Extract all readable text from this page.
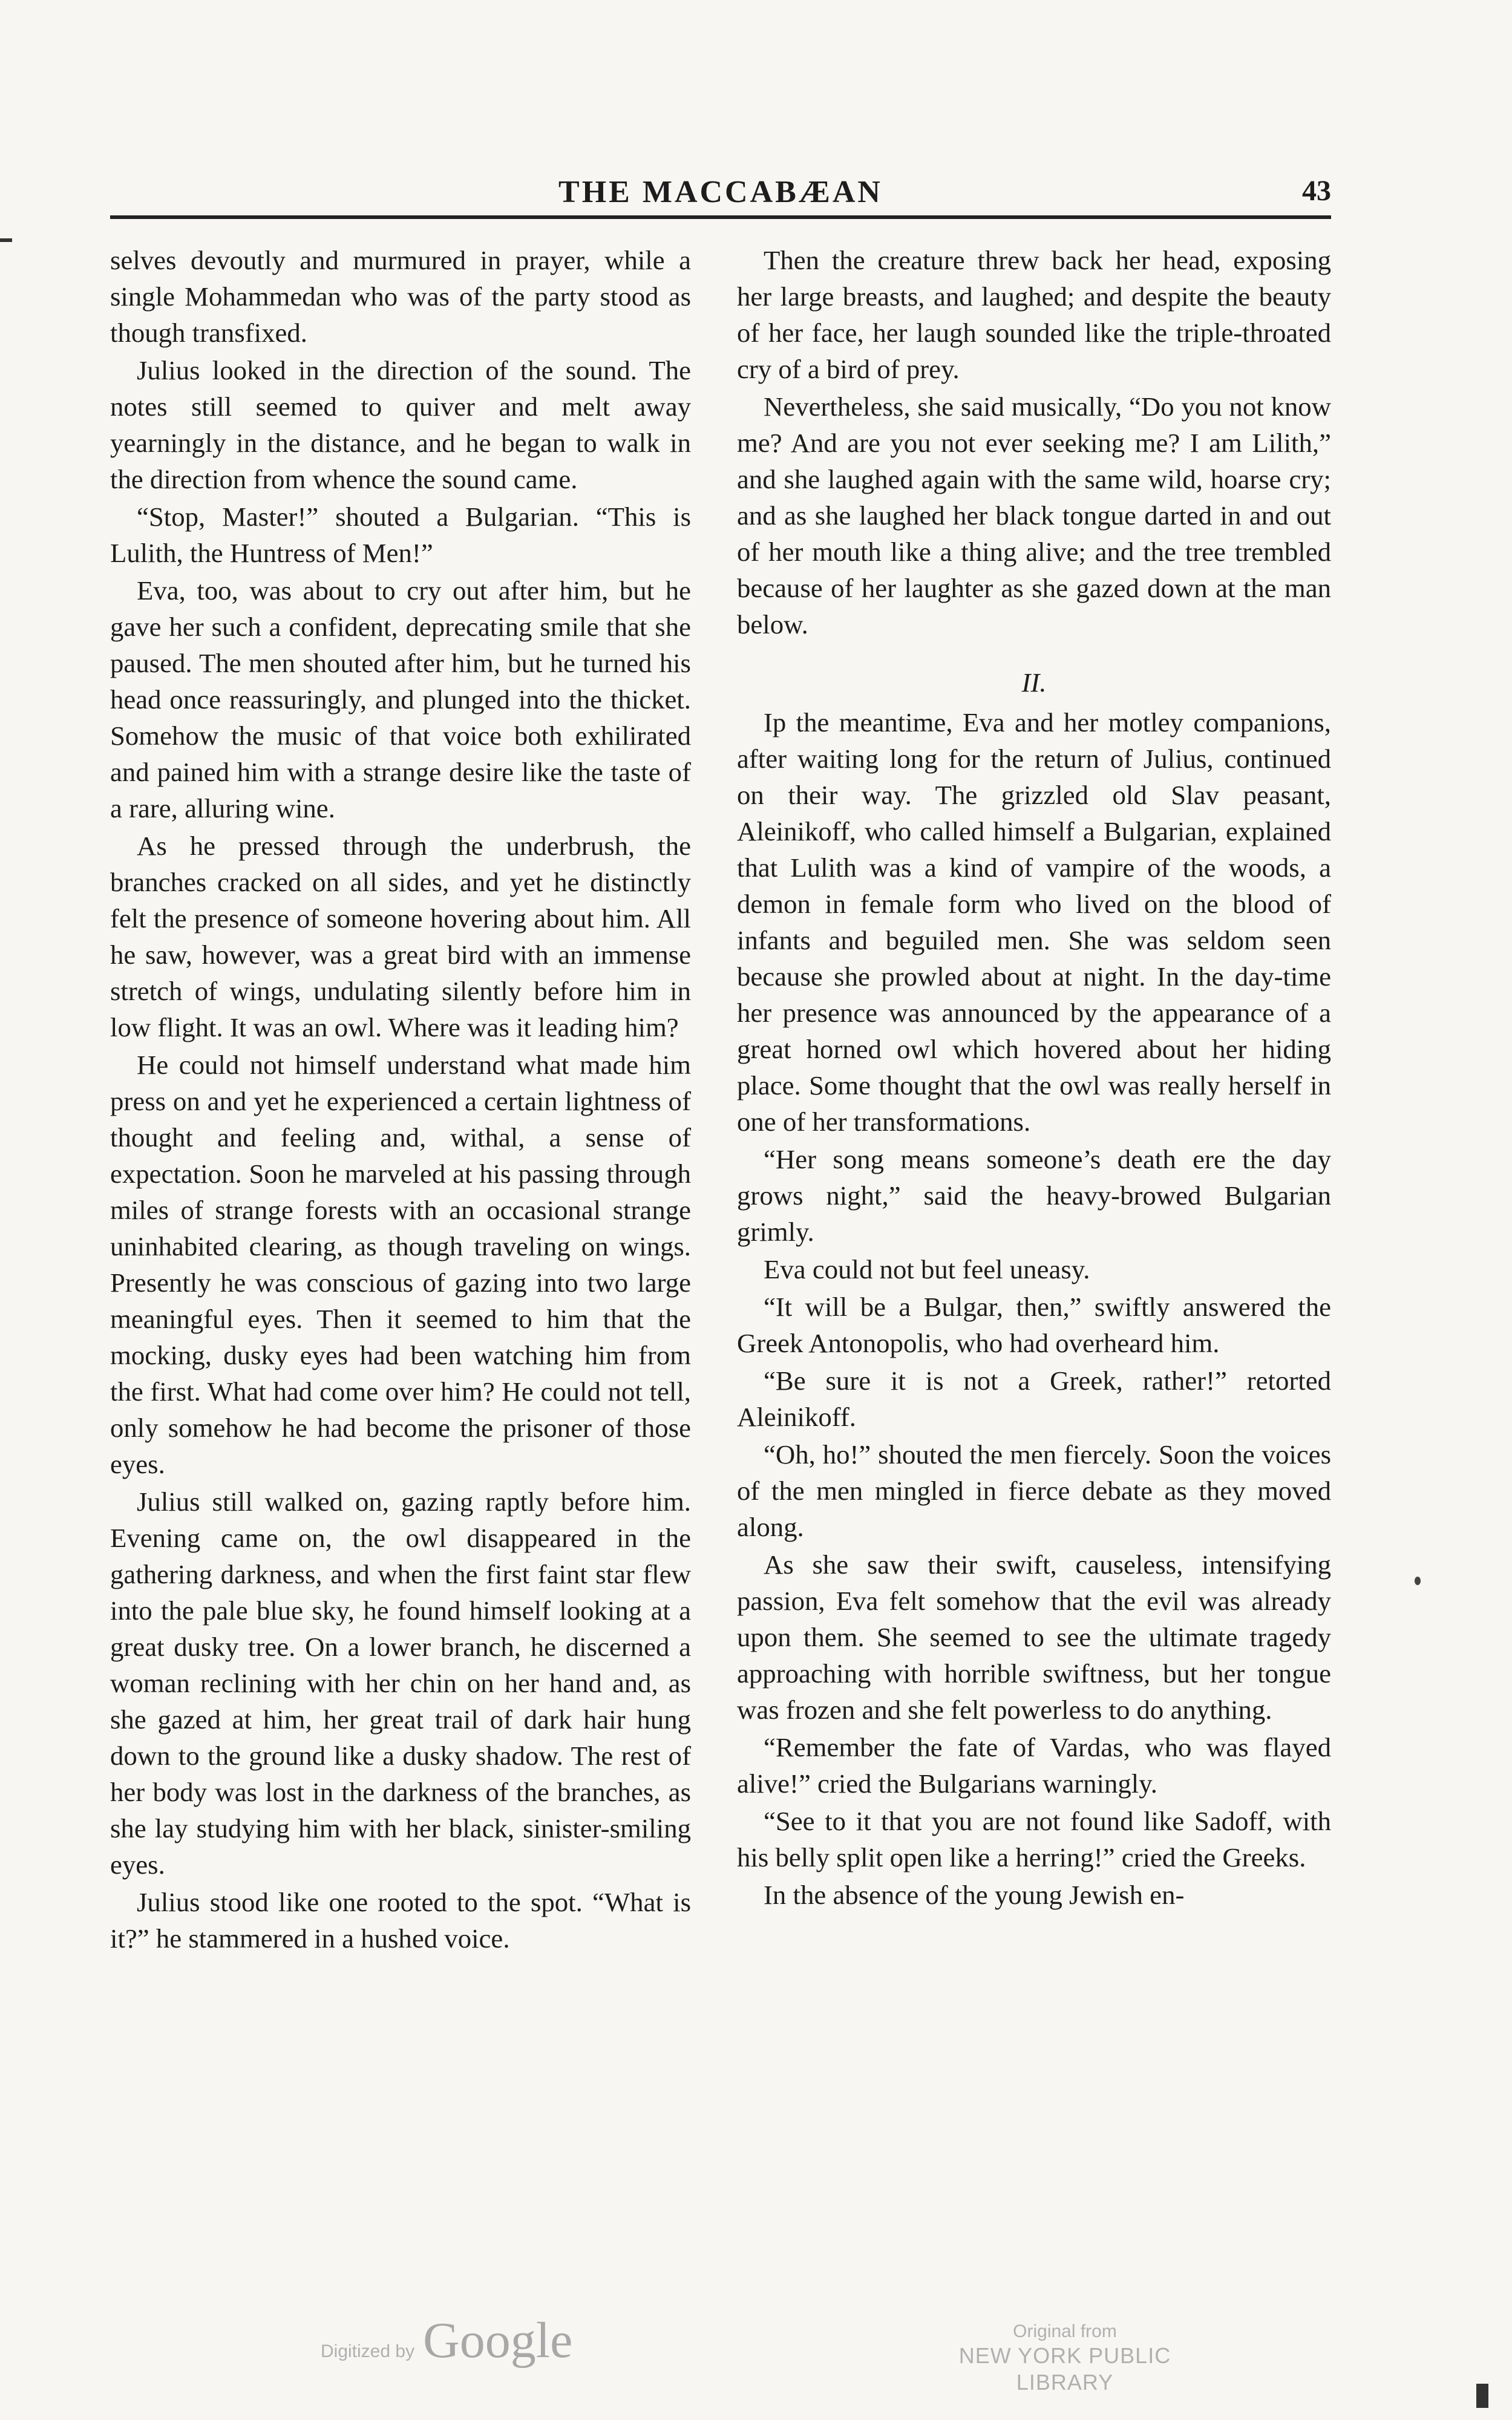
THE MACCABÆAN	43

selves devoutly and murmured in prayer, while a single Mohammedan who was of the party stood as though transfixed.

Julius looked in the direction of the sound. The notes still seemed to quiver and melt away yearningly in the distance, and he began to walk in the direction from whence the sound came.

“Stop, Master!” shouted a Bulgarian. “This is Lulith, the Huntress of Men!”

Eva, too, was about to cry out after him, but he gave her such a confident, deprecating smile that she paused. The men shouted after him, but he turned his head once reassuringly, and plunged into the thicket. Somehow the music of that voice both exhilirated and pained him with a strange desire like the taste of a rare, alluring wine.

As he pressed through the underbrush, the branches cracked on all sides, and yet he distinctly felt the presence of someone hovering about him. All he saw, however, was a great bird with an immense stretch of wings, undulating silently before him in low flight. It was an owl. Where was it leading him?

He could not himself understand what made him press on and yet he experienced a certain lightness of thought and feeling and, withal, a sense of expectation. Soon he marveled at his passing through miles of strange forests with an occasional strange uninhabited clearing, as though traveling on wings. Presently he was conscious of gazing into two large meaningful eyes. Then it seemed to him that the mocking, dusky eyes had been watching him from the first. What had come over him? He could not tell, only somehow he had become the prisoner of those eyes.

Julius still walked on, gazing raptly before him. Evening came on, the owl disappeared in the gathering darkness, and when the first faint star flew into the pale blue sky, he found himself looking at a great dusky tree. On a lower branch, he discerned a woman reclining with her chin on her hand and, as she gazed at him, her great trail of dark hair hung down to the ground like a dusky shadow. The rest of her body was lost in the darkness of the branches, as she lay studying him with her black, sinister-smiling eyes.

Julius stood like one rooted to the spot. “What is it?” he stammered in a hushed voice.

Then the creature threw back her head, exposing her large breasts, and laughed; and despite the beauty of her face, her laugh sounded like the triple-throated cry of a bird of prey.

Nevertheless, she said musically, “Do you not know me? And are you not ever seeking me? I am Lilith,” and she laughed again with the same wild, hoarse cry; and as she laughed her black tongue darted in and out of her mouth like a thing alive; and the tree trembled because of her laughter as she gazed down at the man below.

II.

Ip the meantime, Eva and her motley companions, after waiting long for the return of Julius, continued on their way. The grizzled old Slav peasant, Aleinikoff, who called himself a Bulgarian, explained that Lulith was a kind of vampire of the woods, a demon in female form who lived on the blood of infants and beguiled men. She was seldom seen because she prowled about at night. In the day-time her presence was announced by the appearance of a great horned owl which hovered about her hiding place. Some thought that the owl was really herself in one of her transformations.

“Her song means someone’s death ere the day grows night,” said the heavy-browed Bulgarian grimly.

Eva could not but feel uneasy.

“It will be a Bulgar, then,” swiftly answered the Greek Antonopolis, who had overheard him.

“Be sure it is not a Greek, rather!” retorted Aleinikoff.

“Oh, ho!” shouted the men fiercely. Soon the voices of the men mingled in fierce debate as they moved along.

As she saw their swift, causeless, intensifying passion, Eva felt somehow that the evil was already upon them. She seemed to see the ultimate tragedy approaching with horrible swiftness, but her tongue was frozen and she felt powerless to do anything.

“Remember the fate of Vardas, who was flayed alive!” cried the Bulgarians warningly.

“See to it that you are not found like Sadoff, with his belly split open like a herring!” cried the Greeks.

In the absence of the young Jewish en-

Digitized by Google	Original from
NEW YORK PUBLIC LIBRARY
